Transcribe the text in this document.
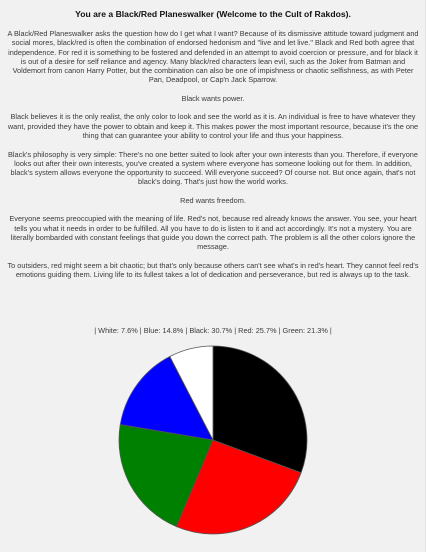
You are a Black/Red Planeswalker (Welcome to the Cult of Rakdos).

A Black/Red Planeswalker asks the question how do I get what I want? Because of its dismissive attitude toward judgment and social mores, black/red is often the combination of endorsed hedonism and "live and let live." Black and Red both agree that independence. For red it is something to be fostered and defended in an attempt to avoid coercion or pressure, and for black it is out of a desire for self reliance and agency. Many black/red characters lean evil, such as the Joker from Batman and Voldemort from canon Harry Potter, but the combination can also be one of impishness or chaotic selfishness, as with Peter Pan, Deadpool, or Cap'n Jack Sparrow.

Black wants power.

Black believes it is the only realist, the only color to look and see the world as it is. An individual is free to have whatever they want, provided they have the power to obtain and keep it. This makes power the most important resource, because it's the one thing that can guarantee your ability to control your life and thus your happiness.

Black's philosophy is very simple: There's no one better suited to look after your own interests than you. Therefore, if everyone looks out after their own interests, you've created a system where everyone has someone looking out for them. In addition, black's system allows everyone the opportunity to succeed. Will everyone succeed? Of course not. But once again, that's not black's doing. That's just how the world works.

Red wants freedom.

Everyone seems preoccupied with the meaning of life. Red's not, because red already knows the answer. You see, your heart tells you what it needs in order to be fulfilled. All you have to do is listen to it and act accordingly. It's not a mystery. You are literally bombarded with constant feelings that guide you down the correct path. The problem is all the other colors ignore the message.

To outsiders, red might seem a bit chaotic; but that's only because others can't see what's in red's heart. They cannot feel red's emotions guiding them. Living life to its fullest takes a lot of dedication and perseverance, but red is always up to the task.

| White: 7.6% | Blue: 14.8% | Black: 30.7% | Red: 25.7% | Green: 21.3% |
